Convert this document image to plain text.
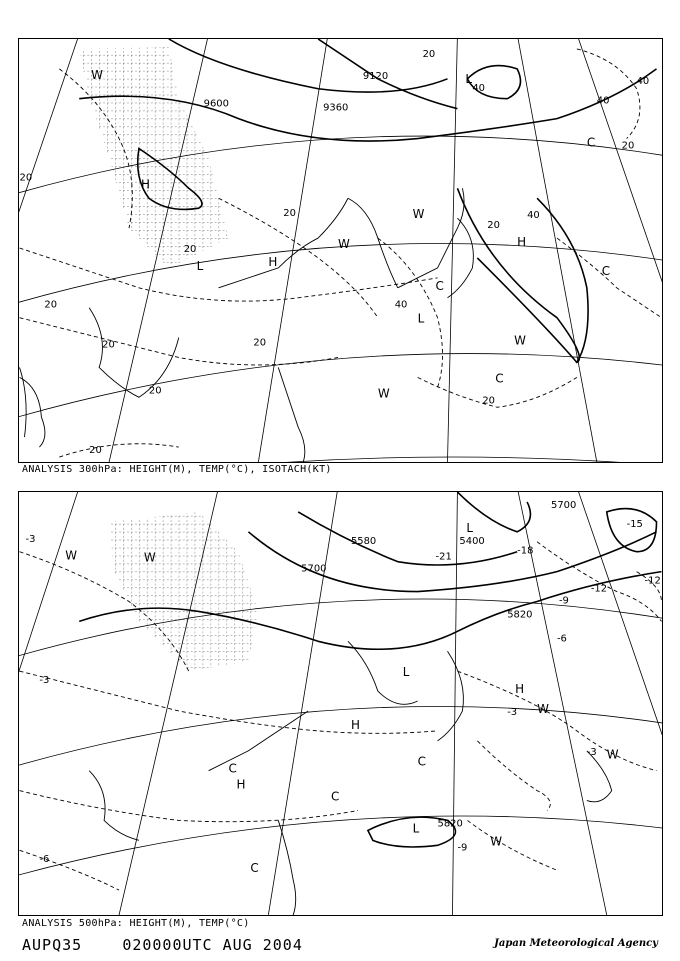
9600
9120
9360
20
20
40
20
40
20
20
20
20	20
20
20
40
40
40
20
20
L
H
L	H
L
H
W
C
W
W
C
C
W
C
W
ANALYSIS 300hPa: HEIGHT(M), TEMP(°C), ISOTACH(KT)
5580
5700
5400
5820
5700
5820
-3
-15
-12
-18
-21
-9
-6
-3
-3
-3
-6
-9
-12
W
L
H
W
C
H
C
C
L
W
W
L
H
W
C
ANALYSIS 500hPa: HEIGHT(M), TEMP(°C)
AUPQ35	020000UTC AUG 2004	Japan Meteorological Agency
